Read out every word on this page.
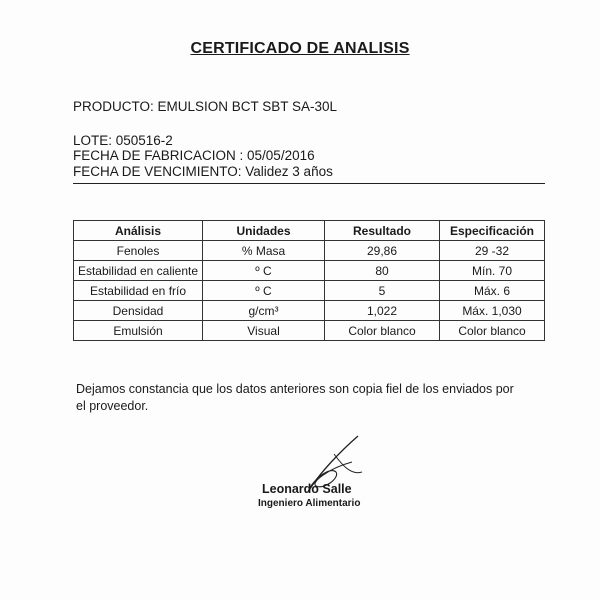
CERTIFICADO DE ANALISIS
PRODUCTO: EMULSION BCT SBT SA-30L
LOTE: 050516-2
FECHA DE FABRICACION : 05/05/2016
FECHA DE VENCIMIENTO: Validez 3 años
Análisis	Unidades	Resultado	Especificación
Fenoles	% Masa	29,86	29 -32
Estabilidad en caliente	º C	80	Mín. 70
Estabilidad en frío	º C	5	Máx. 6
Densidad	g/cm³	1,022	Máx. 1,030
Emulsión	Visual	Color blanco	Color blanco
Dejamos constancia que los datos anteriores son copia fiel de los enviados por el proveedor.
Leonardo Salle
Ingeniero Alimentario
